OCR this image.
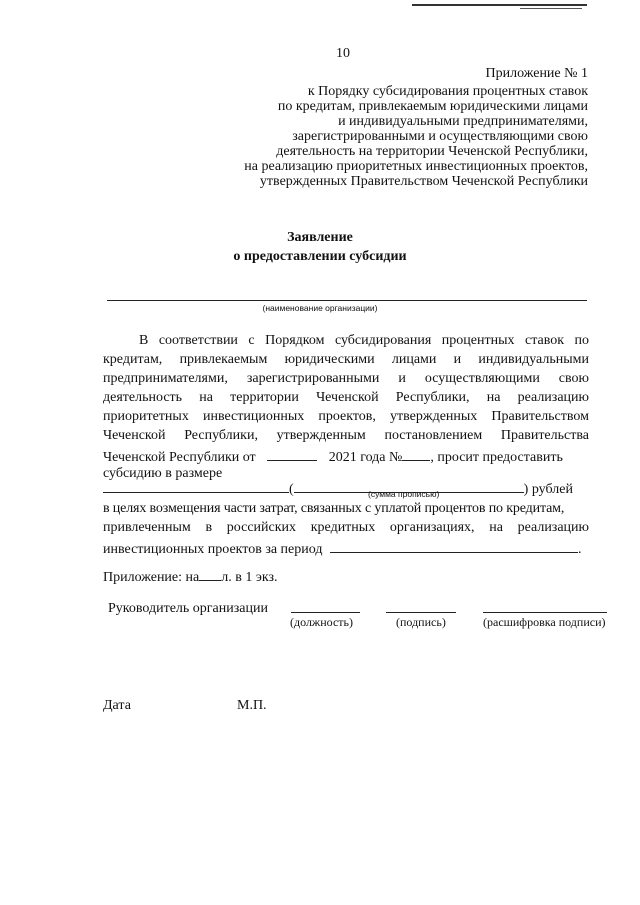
10
Приложение № 1
к Порядку субсидирования процентных ставок
по кредитам, привлекаемым юридическими лицами
и индивидуальными предпринимателями,
зарегистрированными и осуществляющими свою
деятельность на территории Чеченской Республики,
на реализацию приоритетных инвестиционных проектов,
утвержденных Правительством Чеченской Республики
Заявление
о предоставлении субсидии
(наименование организации)
В соответствии с Порядком субсидирования процентных ставок по
кредитам, привлекаемым юридическими лицами и индивидуальными
предпринимателями, зарегистрированными и осуществляющими свою
деятельность на территории Чеченской Республики, на реализацию
приоритетных инвестиционных проектов, утвержденных Правительством
Чеченской Республики, утвержденным постановлением Правительства
Чеченской Республики от	2021 года № , просит предоставить
субсидию в размере
(	) рублей
(сумма прописью)
в целях возмещения части затрат, связанных с уплатой процентов по кредитам,
привлеченным в российских кредитных организациях, на реализацию
инвестиционных проектов за период	.
Приложение: на л. в 1 экз.
Руководитель организации
(должность)	(подпись)	(расшифровка подписи)
Дата	М.П.
